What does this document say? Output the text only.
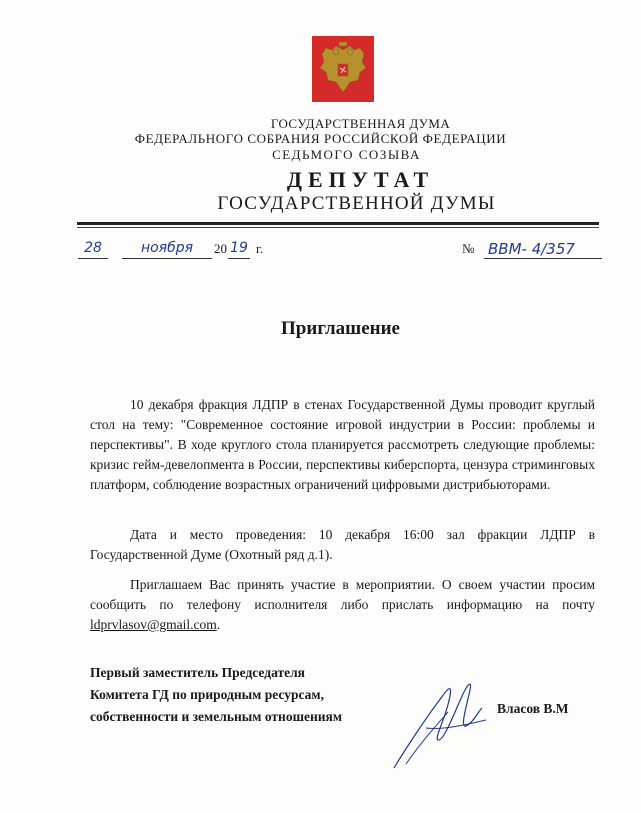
ГОСУДАРСТВЕННАЯ ДУМА
ФЕДЕРАЛЬНОГО СОБРАНИЯ РОССИЙСКОЙ ФЕДЕРАЦИИ
СЕДЬМОГО СОЗЫВА
ДЕПУТАТ
ГОСУДАРСТВЕННОЙ ДУМЫ
28	ноября	20 19 г.	№ ВВМ- 4/357
Приглашение
10 декабря фракция ЛДПР в стенах Государственной Думы проводит круглый стол на тему: "Современное состояние игровой индустрии в России: проблемы и перспективы". В ходе круглого стола планируется рассмотреть следующие проблемы: кризис гейм-девелопмента в России, перспективы киберспорта, цензура стриминговых платформ, соблюдение возрастных ограничений цифровыми дистрибьюторами.
Дата и место проведения: 10 декабря 16:00 зал фракции ЛДПР в Государственной Думе (Охотный ряд д.1).
Приглашаем Вас принять участие в мероприятии. О своем участии просим сообщить по телефону исполнителя либо прислать информацию на почту ldprvlasov@gmail.com.
Первый заместитель Председателя
Комитета ГД по природным ресурсам,
собственности и земельным отношениям
Власов В.М
